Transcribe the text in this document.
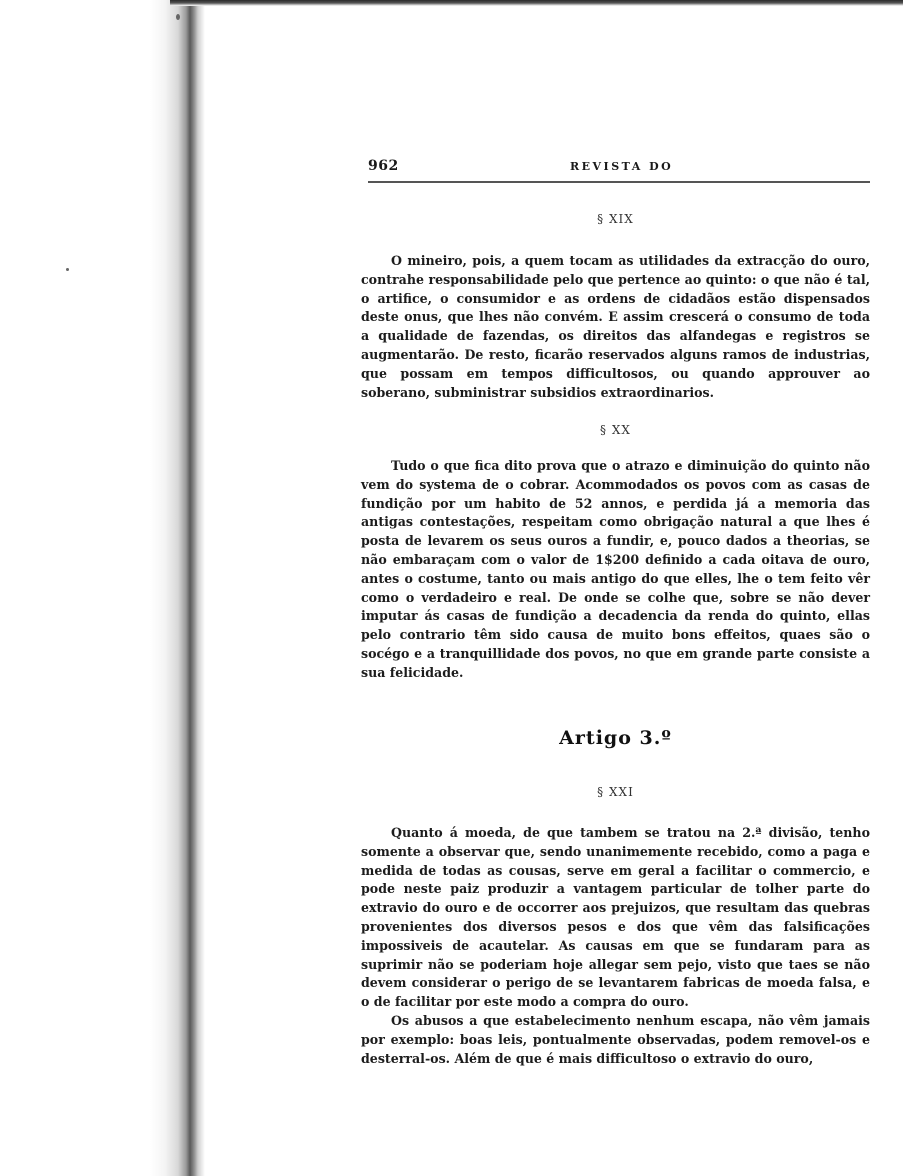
962	REVISTA DO
§ XIX

O mineiro, pois, a quem tocam as utilidades da extracção do ouro, contrahe responsabilidade pelo que pertence ao quinto: o que não é tal, o artifice, o consumidor e as ordens de cidadãos estão dispensados deste onus, que lhes não convém. E assim crescerá o consumo de toda a qualidade de fazendas, os direitos das alfandegas e registros se augmentarão. De resto, ficarão reservados alguns ramos de industrias, que possam em tempos difficultosos, ou quando approuver ao soberano, subministrar subsidios extraordinarios.

§ XX

Tudo o que fica dito prova que o atrazo e diminuição do quinto não vem do systema de o cobrar. Acommodados os povos com as casas de fundição por um habito de 52 annos, e perdida já a memoria das antigas contestações, respeitam como obrigação natural a que lhes é posta de levarem os seus ouros a fundir, e, pouco dados a theorias, se não embaraçam com o valor de 1$200 definido a cada oitava de ouro, antes o costume, tanto ou mais antigo do que elles, lhe o tem feito vêr como o verdadeiro e real. De onde se colhe que, sobre se não dever imputar ás casas de fundição a decadencia da renda do quinto, ellas pelo contrario têm sido causa de muito bons effeitos, quaes são o socégo e a tranquillidade dos povos, no que em grande parte consiste a sua felicidade.

Artigo 3.º
§ XXI

Quanto á moeda, de que tambem se tratou na 2.ª divisão, tenho somente a observar que, sendo unanimemente recebido, como a paga e medida de todas as cousas, serve em geral a facilitar o commercio, e pode neste paiz produzir a vantagem particular de tolher parte do extravio do ouro e de occorrer aos prejuizos, que resultam das quebras provenientes dos diversos pesos e dos que vêm das falsificações impossiveis de acautelar. As causas em que se fundaram para as suprimir não se poderiam hoje allegar sem pejo, visto que taes se não devem considerar o perigo de se levantarem fabricas de moeda falsa, e o de facilitar por este modo a compra do ouro.

Os abusos a que estabelecimento nenhum escapa, não vêm jamais por exemplo: boas leis, pontualmente observadas, podem removel-os e desterral-os. Além de que é mais difficultoso o extravio do ouro,
